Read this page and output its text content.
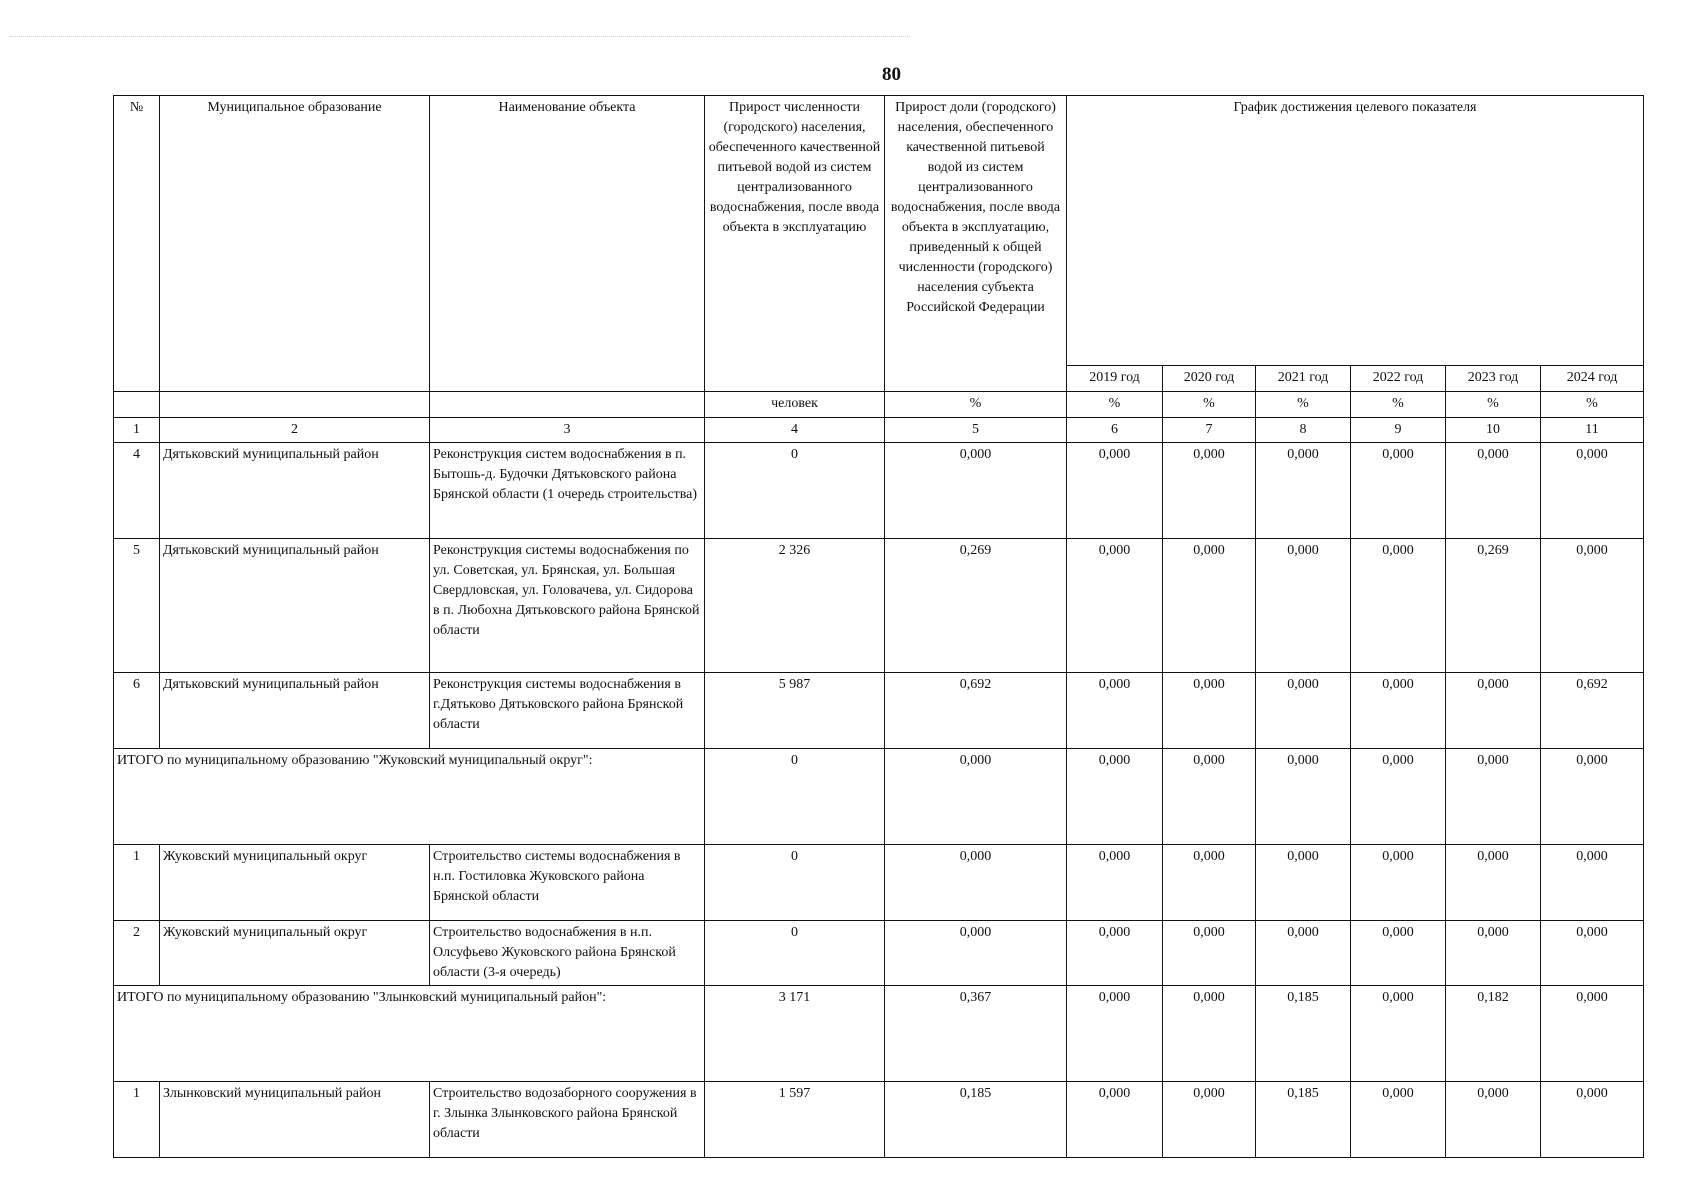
80
№	Муниципальное образование	Наименование объекта	Прирост численности (городского) населения, обеспеченного качественной питьевой водой из систем централизованного водоснабжения, после ввода объекта в эксплуатацию	Прирост доли (городского) населения, обеспеченного качественной питьевой водой из систем централизованного водоснабжения, после ввода объекта в эксплуатацию, приведенный к общей численности (городского) населения субъекта Российской Федерации	График достижения целевого показателя					
					2019 год	2020 год	2021 год	2022 год	2023 год	2024 год
			человек	%	%	%	%	%	%	%
1	2	3	4	5	6	7	8	9	10	11
4	Дятьковский муниципальный район	Реконструкция систем водоснабжения в п. Бытошь-д. Будочки Дятьковского района Брянской области (1 очередь строительства)	0	0,000	0,000	0,000	0,000	0,000	0,000	0,000
5	Дятьковский муниципальный район	Реконструкция системы водоснабжения по ул. Советская, ул. Брянская, ул. Большая Свердловская, ул. Головачева, ул. Сидорова в п. Любохна Дятьковского района Брянской области	2 326	0,269	0,000	0,000	0,000	0,000	0,269	0,000
6	Дятьковский муниципальный район	Реконструкция системы водоснабжения в г.Дятьково Дятьковского района Брянской области	5 987	0,692	0,000	0,000	0,000	0,000	0,000	0,692
ИТОГО по муниципальному образованию "Жуковский муниципальный округ":			0	0,000	0,000	0,000	0,000	0,000	0,000	0,000
1	Жуковский муниципальный округ	Строительство системы водоснабжения в н.п. Гостиловка Жуковского района Брянской области	0	0,000	0,000	0,000	0,000	0,000	0,000	0,000
2	Жуковский муниципальный округ	Строительство водоснабжения в н.п. Олсуфьево Жуковского района Брянской области (3-я очередь)	0	0,000	0,000	0,000	0,000	0,000	0,000	0,000
ИТОГО по муниципальному образованию "Злынковский муниципальный район":			3 171	0,367	0,000	0,000	0,185	0,000	0,182	0,000
1	Злынковский муниципальный район	Строительство водозаборного сооружения в г. Злынка Злынковского района Брянской области	1 597	0,185	0,000	0,000	0,185	0,000	0,000	0,000
